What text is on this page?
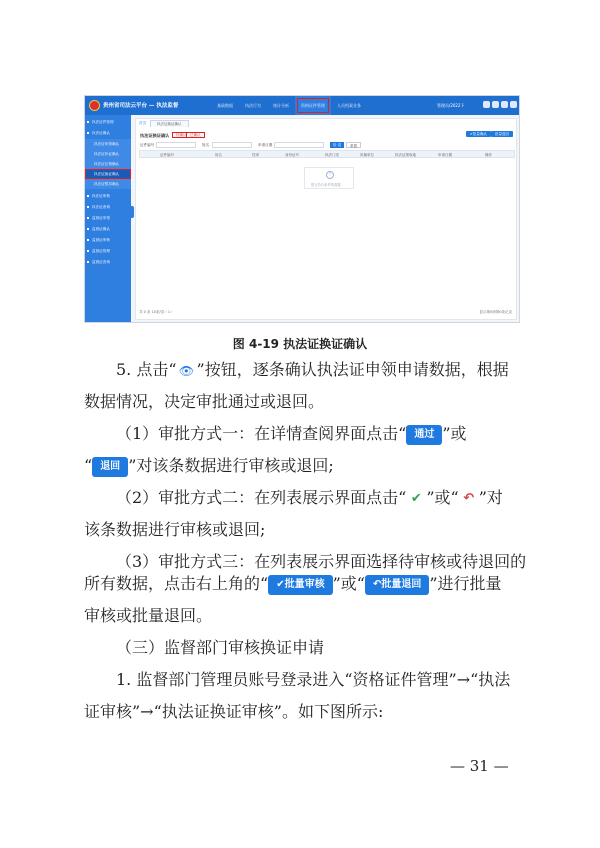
贵州省司法云平台 — 执法监督	基础数据	执法行为	统计分析	资格证件管理	人员档案业务	管理员/2022下
执法证件管理
执法证确认
执法证申领确认
执法证补证确认
执法证注销确认
执法证换证确认
执法证暂扣确认
执法证审核
执法证查询
监督证申领
监督证确认
监督证审核
监督证管理
监督证查询
首页	执法证换证确认
执法证换证确认	待确认	已确认	✔批量确认	批量退回
证件编号	姓名	申请日期	检 索	重置
证件编号	姓名	性别	身份证号	执法门类	所属单位	执法证领取地	申请日期	操作
!
暂无符合条件的数据
共 0 条 10条/页 ‹ 1 ›	显示第0到第0条记录
图 4-19 执法证换证确认
5. 点击“ 👁 ”按钮，逐条确认执法证申领申请数据，根据
数据情况，决定审批通过或退回。
（1）审批方式一：在详情查阅界面点击“ 通过 ”或
“ 退回 ”对该条数据进行审核或退回;
（2）审批方式二：在列表展示界面点击“ ✔ ”或“ ↶ ”对
该条数据进行审核或退回;
（3）审批方式三：在列表展示界面选择待审核或待退回的
所有数据，点击右上角的“ ✔批量审核 ”或“ ↶批量退回 ”进行批量
审核或批量退回。
（三）监督部门审核换证申请
1. 监督部门管理员账号登录进入“资格证件管理”→“执法
证审核”→“执法证换证审核”。如下图所示:
— 31 —
